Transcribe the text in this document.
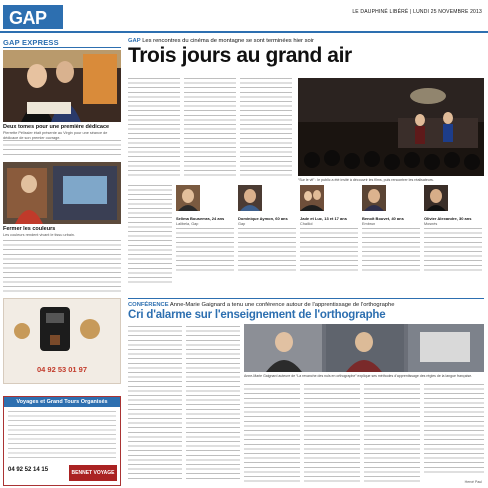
GAP	LE DAUPHINÉ LIBÉRÉ | LUNDI 25 NOVEMBRE 2013
GAP EXPRESS
Deux tomes pour une première dédicace
Pierrette Pélissier était présente au Virgin pour une séance de dédicace de son premier ouvrage.
Fermer les couleurs
Les couleurs rendent vivant le tissu urbain.
04 92 53 01 97
Voyages et Grand Tours Organisés
04 92 52 14 15	BENNET VOYAGE
GAP Les rencontres du cinéma de montagne se sont terminées hier soir
Trois jours au grand air
“Sur le vif” : le public a été invité à découvrir les films, puis rencontrer les réalisateurs.
Selima Bousemra, 24 ans
Lalibela, Gap
Dominique Aymon, 60 ans
Gap
Jade et Luc, 13 et 17 ans
Chaillol
Benoît Bouvet, 40 ans
Embrun
Olivier Alexandre, 30 ans
Mosnès
CONFÉRENCE Anne-Marie Gaignard a tenu une conférence autour de l'apprentissage de l'orthographe
Cri d'alarme sur l'enseignement de l'orthographe
Anne-Marie Gaignard auteure de “La revanche des nuls en orthographe” explique ses méthodes d'apprentissage des règles de la langue française.
Hervé Paul
